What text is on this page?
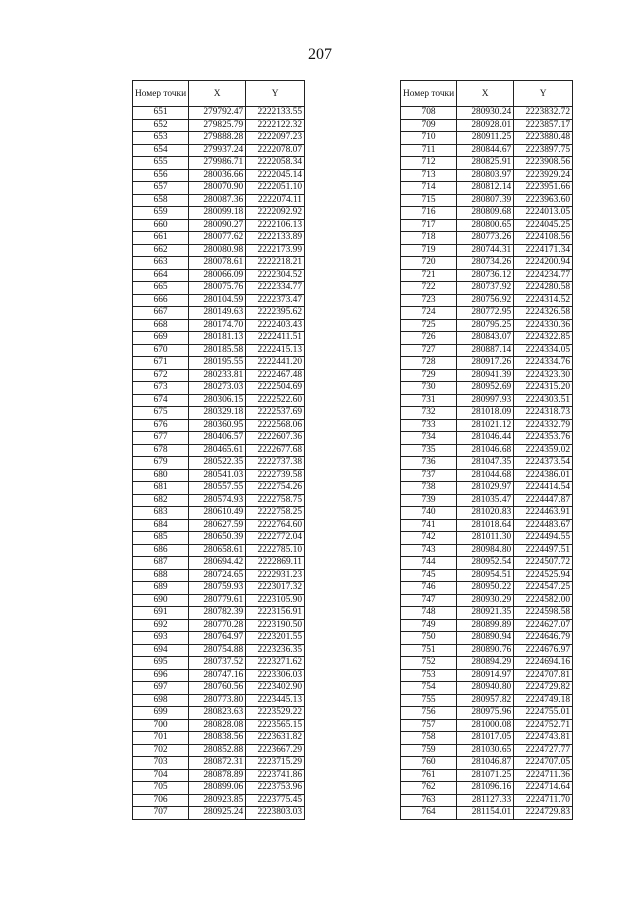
207
Номер точки	X	Y
651	279792.47	2222133.55
652	279825.79	2222122.32
653	279888.28	2222097.23
654	279937.24	2222078.07
655	279986.71	2222058.34
656	280036.66	2222045.14
657	280070.90	2222051.10
658	280087.36	2222074.11
659	280099.18	2222092.92
660	280090.27	2222106.13
661	280077.62	2222133.89
662	280080.98	2222173.99
663	280078.61	2222218.21
664	280066.09	2222304.52
665	280075.76	2222334.77
666	280104.59	2222373.47
667	280149.63	2222395.62
668	280174.70	2222403.43
669	280181.13	2222411.51
670	280185.58	2222415.13
671	280195.55	2222441.20
672	280233.81	2222467.48
673	280273.03	2222504.69
674	280306.15	2222522.60
675	280329.18	2222537.69
676	280360.95	2222568.06
677	280406.57	2222607.36
678	280465.61	2222677.68
679	280522.35	2222737.38
680	280541.03	2222739.58
681	280557.55	2222754.26
682	280574.93	2222758.75
683	280610.49	2222758.25
684	280627.59	2222764.60
685	280650.39	2222772.04
686	280658.61	2222785.10
687	280694.42	2222869.11
688	280724.65	2222931.23
689	280759.93	2223017.32
690	280779.61	2223105.90
691	280782.39	2223156.91
692	280770.28	2223190.50
693	280764.97	2223201.55
694	280754.88	2223236.35
695	280737.52	2223271.62
696	280747.16	2223306.03
697	280760.56	2223402.90
698	280773.80	2223445.13
699	280823.63	2223529.22
700	280828.08	2223565.15
701	280838.56	2223631.82
702	280852.88	2223667.29
703	280872.31	2223715.29
704	280878.89	2223741.86
705	280899.06	2223753.96
706	280923.85	2223775.45
707	280925.24	2223803.03
Номер точки	X	Y
708	280930.24	2223832.72
709	280928.01	2223857.17
710	280911.25	2223880.48
711	280844.67	2223897.75
712	280825.91	2223908.56
713	280803.97	2223929.24
714	280812.14	2223951.66
715	280807.39	2223963.60
716	280809.68	2224013.05
717	280800.65	2224045.25
718	280773.26	2224108.56
719	280744.31	2224171.34
720	280734.26	2224200.94
721	280736.12	2224234.77
722	280737.92	2224280.58
723	280756.92	2224314.52
724	280772.95	2224326.58
725	280795.25	2224330.36
726	280843.07	2224322.85
727	280887.14	2224334.05
728	280917.26	2224334.76
729	280941.39	2224323.30
730	280952.69	2224315.20
731	280997.93	2224303.51
732	281018.09	2224318.73
733	281021.12	2224332.79
734	281046.44	2224353.76
735	281046.68	2224359.02
736	281047.35	2224373.54
737	281044.68	2224386.01
738	281029.97	2224414.54
739	281035.47	2224447.87
740	281020.83	2224463.91
741	281018.64	2224483.67
742	281011.30	2224494.55
743	280984.80	2224497.51
744	280952.54	2224507.72
745	280954.51	2224525.94
746	280950.22	2224547.25
747	280930.29	2224582.00
748	280921.35	2224598.58
749	280899.89	2224627.07
750	280890.94	2224646.79
751	280890.76	2224676.97
752	280894.29	2224694.16
753	280914.97	2224707.81
754	280940.80	2224729.82
755	280957.82	2224749.18
756	280975.96	2224755.01
757	281000.08	2224752.71
758	281017.05	2224743.81
759	281030.65	2224727.77
760	281046.87	2224707.05
761	281071.25	2224711.36
762	281096.16	2224714.64
763	281127.33	2224711.70
764	281154.01	2224729.83
